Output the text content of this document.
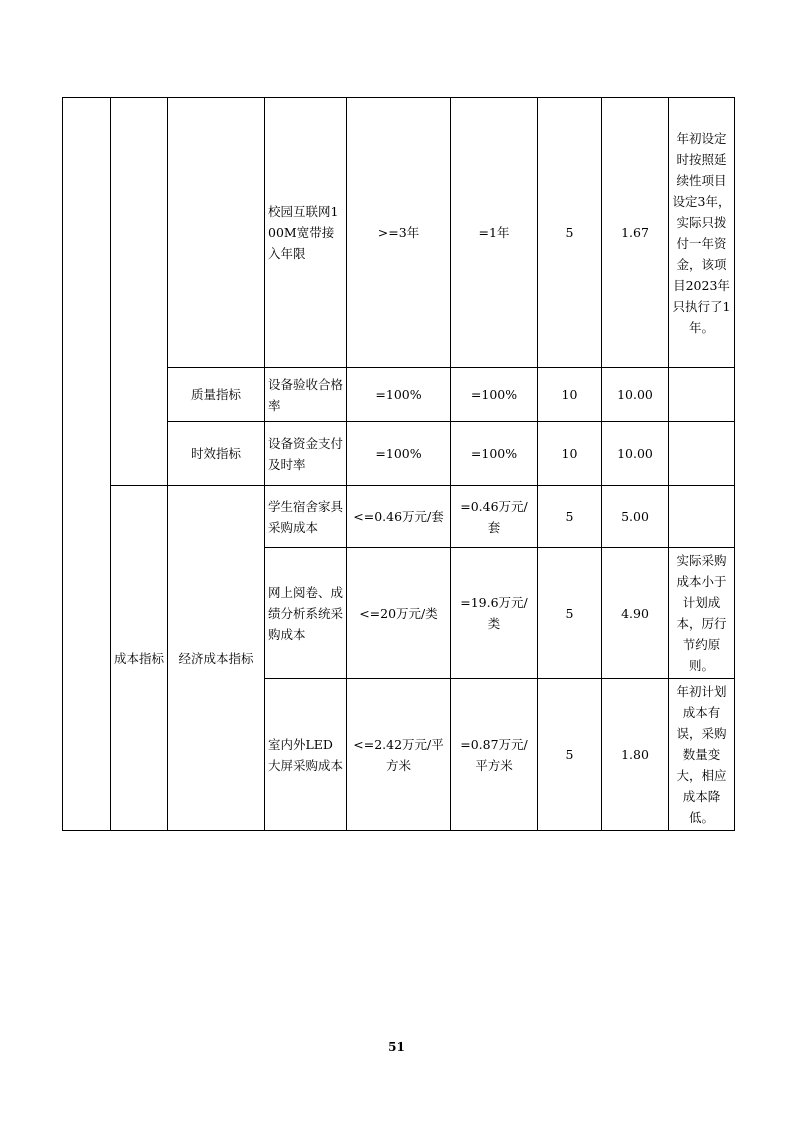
			校园互联网100M宽带接入年限	>=3年	=1年	5	1.67	年初设定时按照延续性项目设定3年，实际只拨付一年资金，该项目2023年只执行了1年。
		质量指标	设备验收合格率	=100%	=100%	10	10.00	
		时效指标	设备资金支付及时率	=100%	=100%	10	10.00	
	成本指标	经济成本指标	学生宿舍家具采购成本	<=0.46万元/套	=0.46万元/套	5	5.00	
			网上阅卷、成绩分析系统采购成本	<=20万元/类	=19.6万元/类	5	4.90	实际采购成本小于计划成本，厉行节约原则。
			室内外LED大屏采购成本	<=2.42万元/平方米	=0.87万元/平方米	5	1.80	年初计划成本有误，采购数量变大，相应成本降低。
51
